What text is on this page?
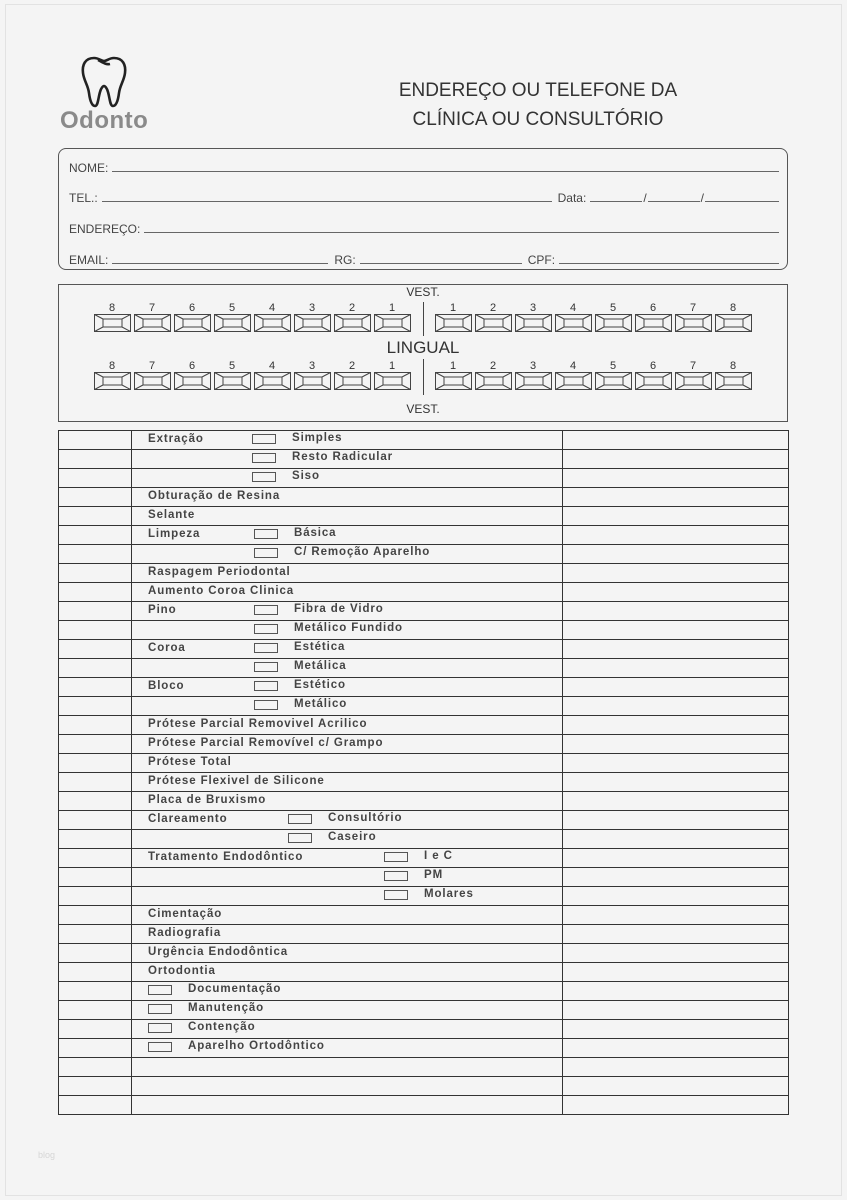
Odonto
ENDEREÇO OU TELEFONE DA
CLÍNICA OU CONSULTÓRIO
NOME:
TEL.:	Data:	/	/
ENDEREÇO:
EMAIL:	RG:	CPF:
VEST.
LINGUAL
VEST.
8	7	6	5	4	3	2	1	1	2	3	4	5	6	7	8
8	7	6	5	4	3	2	1	1	2	3	4	5	6	7	8

	Extração Simples	

	Resto Radicular	

	Siso	

	Obturação de Resina	

	Selante	

	Limpeza Básica	

	C/ Remoção Aparelho	

	Raspagem Periodontal	

	Aumento Coroa Clinica	

	Pino Fibra de Vidro	

	Metálico Fundido	

	Coroa Estética	

	Metálica	

	Bloco Estético	

	Metálico	

	Prótese Parcial Removivel Acrilico	

	Prótese Parcial Removível c/ Grampo	

	Prótese Total	

	Prótese Flexivel de Silicone	

	Placa de Bruxismo	

	Clareamento Consultório	

	Caseiro	

	Tratamento Endodôntico I e C	

	PM	

	Molares	

	Cimentação	

	Radiografia	

	Urgência Endodôntica	

	Ortodontia	

	Documentação	

	Manutenção	

	Contenção	

	Aparelho Ortodôntico	

blog
